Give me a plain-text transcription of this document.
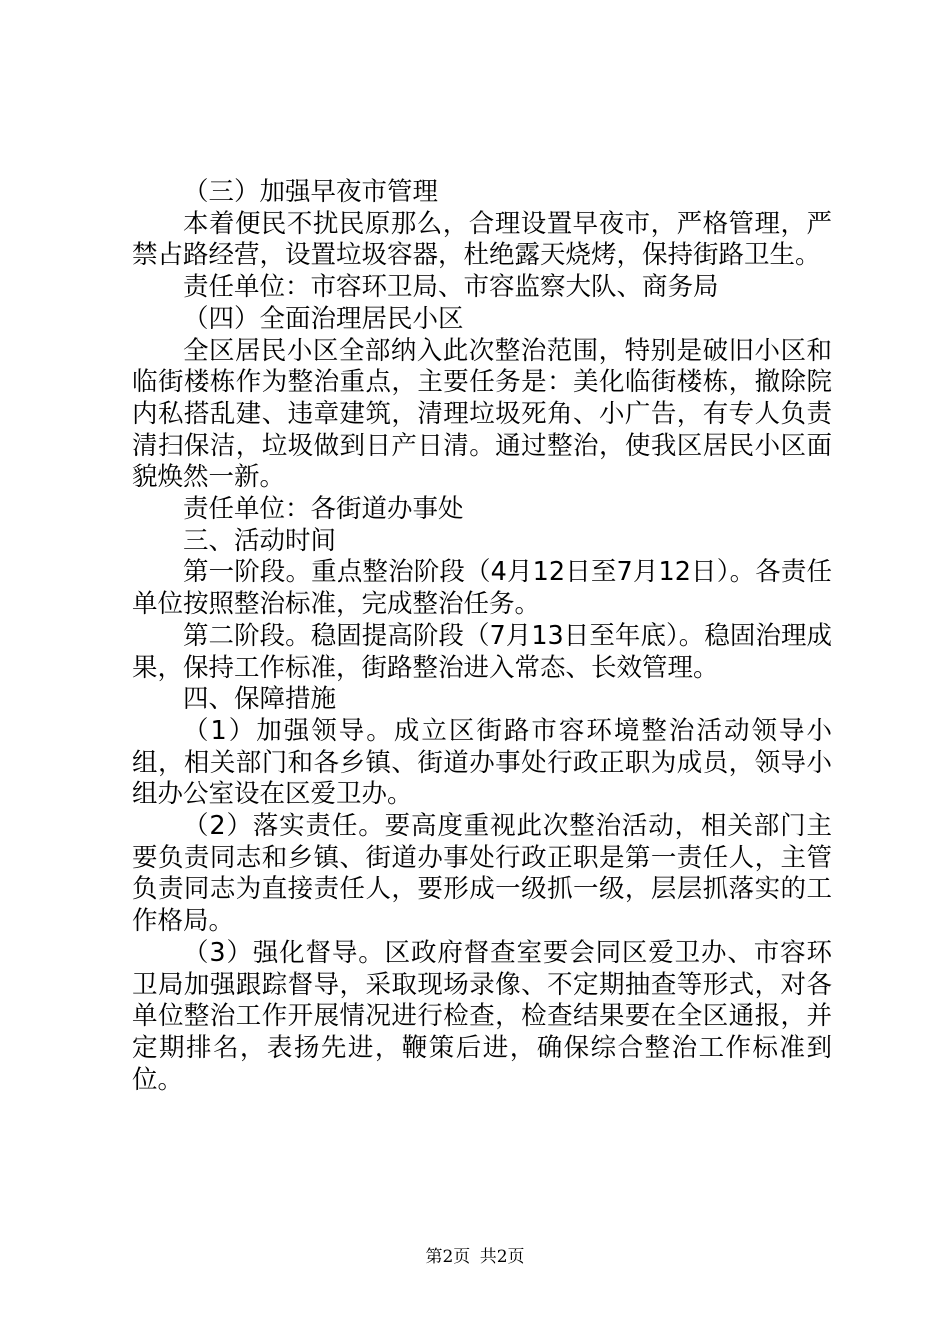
（三）加强早夜市管理

本着便民不扰民原那么，合理设置早夜市，严格管理，严禁占路经营，设置垃圾容器，杜绝露天烧烤，保持街路卫生。

责任单位：市容环卫局、市容监察大队、商务局

（四）全面治理居民小区

全区居民小区全部纳入此次整治范围，特别是破旧小区和临街楼栋作为整治重点，主要任务是：美化临街楼栋，撤除院内私搭乱建、违章建筑，清理垃圾死角、小广告，有专人负责清扫保洁，垃圾做到日产日清。通过整治，使我区居民小区面貌焕然一新。

责任单位：各街道办事处

三、活动时间

第一阶段。重点整治阶段（4月12日至7月12日）。各责任单位按照整治标准，完成整治任务。

第二阶段。稳固提高阶段（7月13日至年底）。稳固治理成果，保持工作标准，街路整治进入常态、长效管理。

四、保障措施

（1）加强领导。成立区街路市容环境整治活动领导小组，相关部门和各乡镇、街道办事处行政正职为成员，领导小组办公室设在区爱卫办。

（2）落实责任。要高度重视此次整治活动，相关部门主要负责同志和乡镇、街道办事处行政正职是第一责任人，主管负责同志为直接责任人，要形成一级抓一级，层层抓落实的工作格局。

（3）强化督导。区政府督查室要会同区爱卫办、市容环卫局加强跟踪督导，采取现场录像、不定期抽查等形式，对各单位整治工作开展情况进行检查，检查结果要在全区通报，并定期排名，表扬先进，鞭策后进，确保综合整治工作标准到位。

第2页 共2页
